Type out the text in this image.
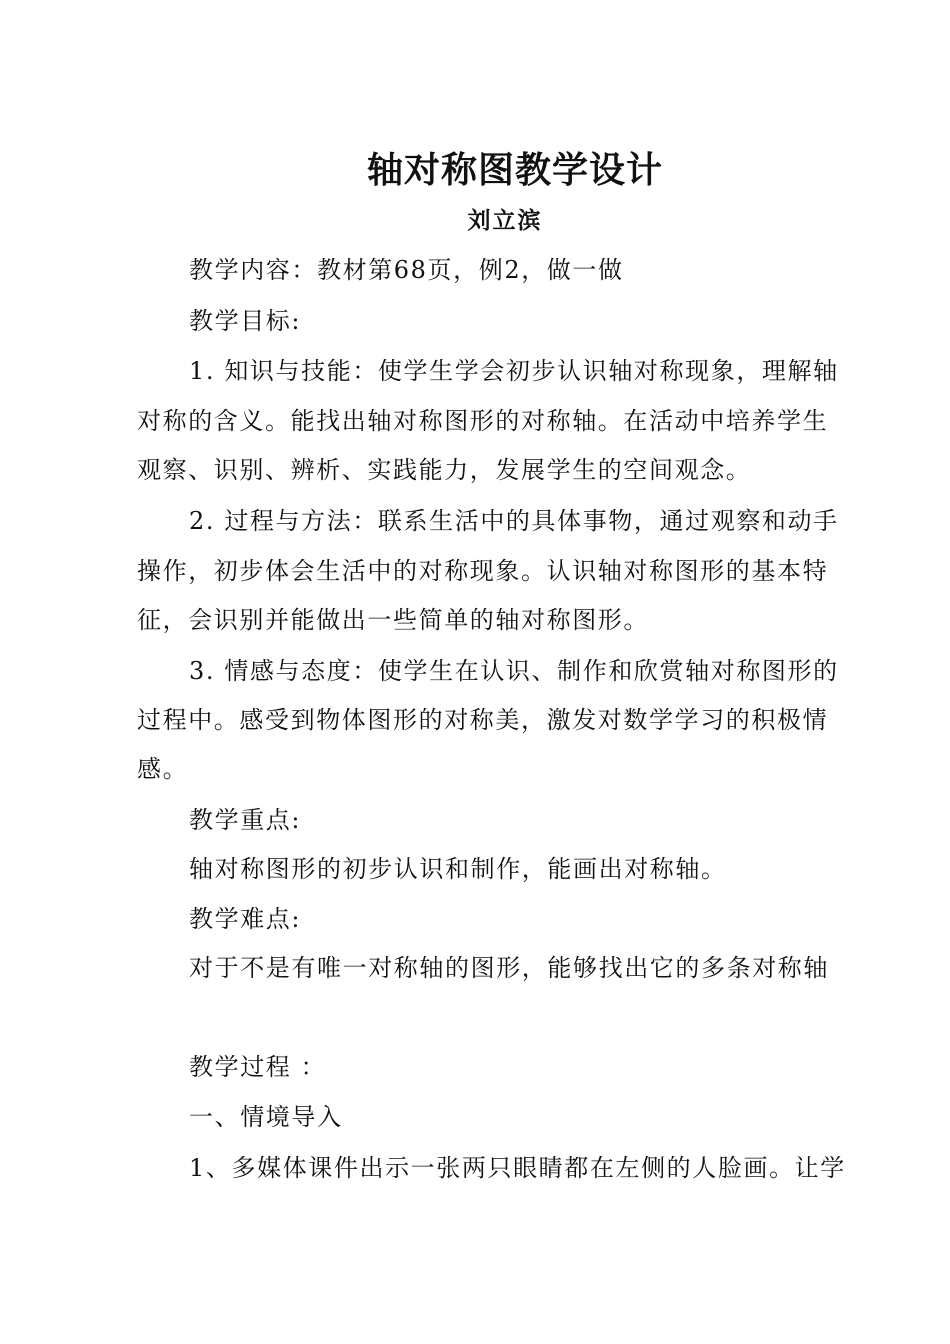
轴对称图教学设计
刘立滨
教学内容：教材第68页，例2，做一做
教学目标:
1. 知识与技能：使学生学会初步认识轴对称现象，理解轴
对称的含义。能找出轴对称图形的对称轴。在活动中培养学生
观察、识别、辨析、实践能力，发展学生的空间观念。
2. 过程与方法：联系生活中的具体事物，通过观察和动手
操作，初步体会生活中的对称现象。认识轴对称图形的基本特
征，会识别并能做出一些简单的轴对称图形。
3. 情感与态度：使学生在认识、制作和欣赏轴对称图形的
过程中。感受到物体图形的对称美，激发对数学学习的积极情
感。
教学重点:
轴对称图形的初步认识和制作，能画出对称轴。
教学难点:
对于不是有唯一对称轴的图形，能够找出它的多条对称轴
教学过程 ：
一、情境导入
1、多媒体课件出示一张两只眼睛都在左侧的人脸画。让学
